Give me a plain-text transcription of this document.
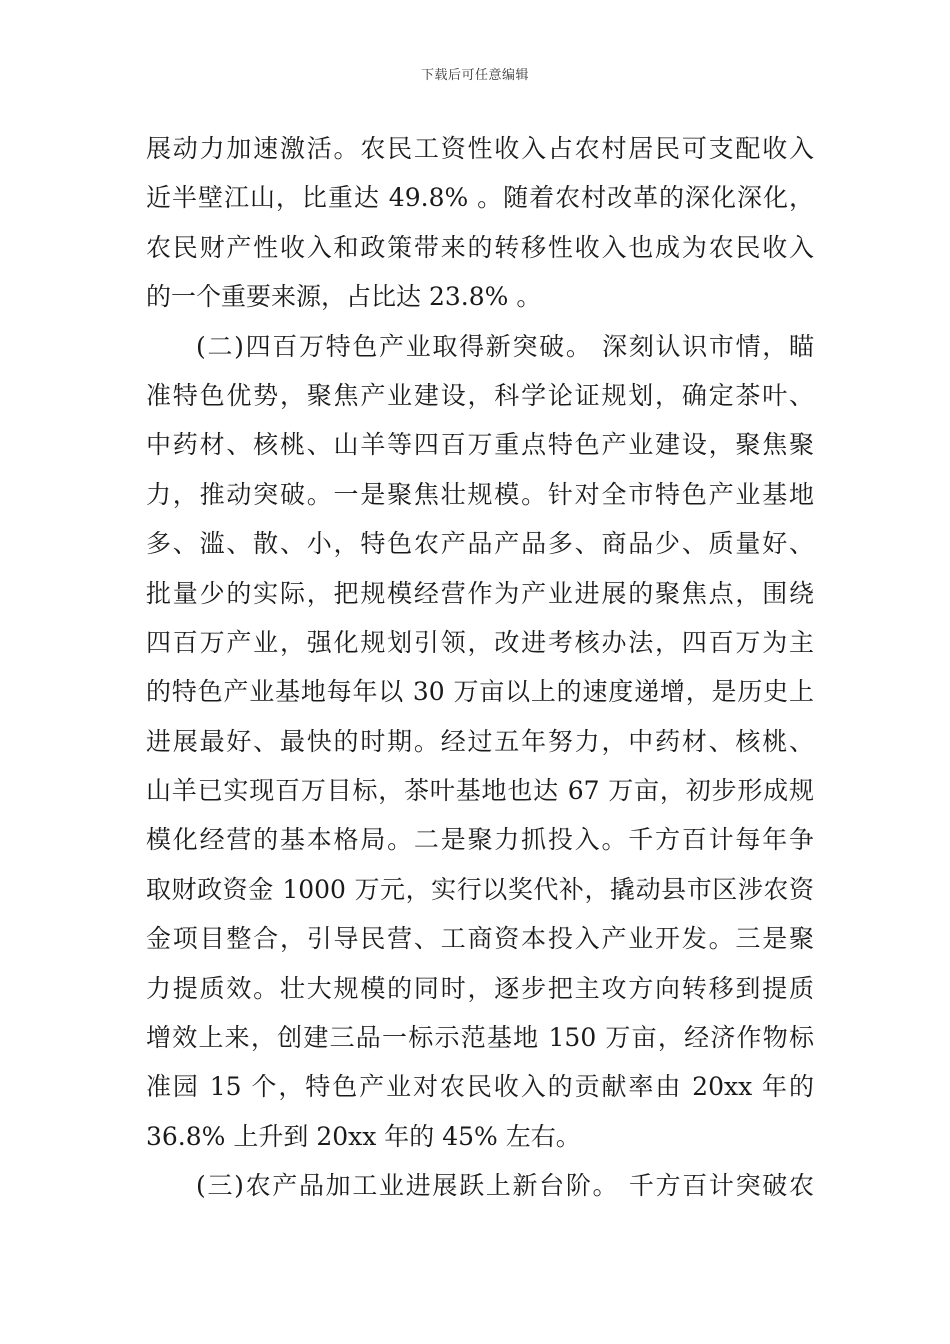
下载后可任意编辑
展动力加速激活。农民工资性收入占农村居民可支配收入
近半壁江山，比重达 49.8% 。随着农村改革的深化深化，
农民财产性收入和政策带来的转移性收入也成为农民收入
的一个重要来源，占比达 23.8% 。
(二)四百万特色产业取得新突破。 深刻认识市情，瞄
准特色优势，聚焦产业建设，科学论证规划，确定茶叶、
中药材、核桃、山羊等四百万重点特色产业建设，聚焦聚
力，推动突破。一是聚焦壮规模。针对全市特色产业基地
多、滥、散、小，特色农产品产品多、商品少、质量好、
批量少的实际，把规模经营作为产业进展的聚焦点，围绕
四百万产业，强化规划引领，改进考核办法，四百万为主
的特色产业基地每年以 30 万亩以上的速度递增，是历史上
进展最好、最快的时期。经过五年努力，中药材、核桃、
山羊已实现百万目标，茶叶基地也达 67 万亩，初步形成规
模化经营的基本格局。二是聚力抓投入。千方百计每年争
取财政资金 1000 万元，实行以奖代补，撬动县市区涉农资
金项目整合，引导民营、工商资本投入产业开发。三是聚
力提质效。壮大规模的同时，逐步把主攻方向转移到提质
增效上来，创建三品一标示范基地 150 万亩，经济作物标
准园 15 个，特色产业对农民收入的贡献率由 20xx 年的
36.8% 上升到 20xx 年的 45% 左右。
(三)农产品加工业进展跃上新台阶。 千方百计突破农
